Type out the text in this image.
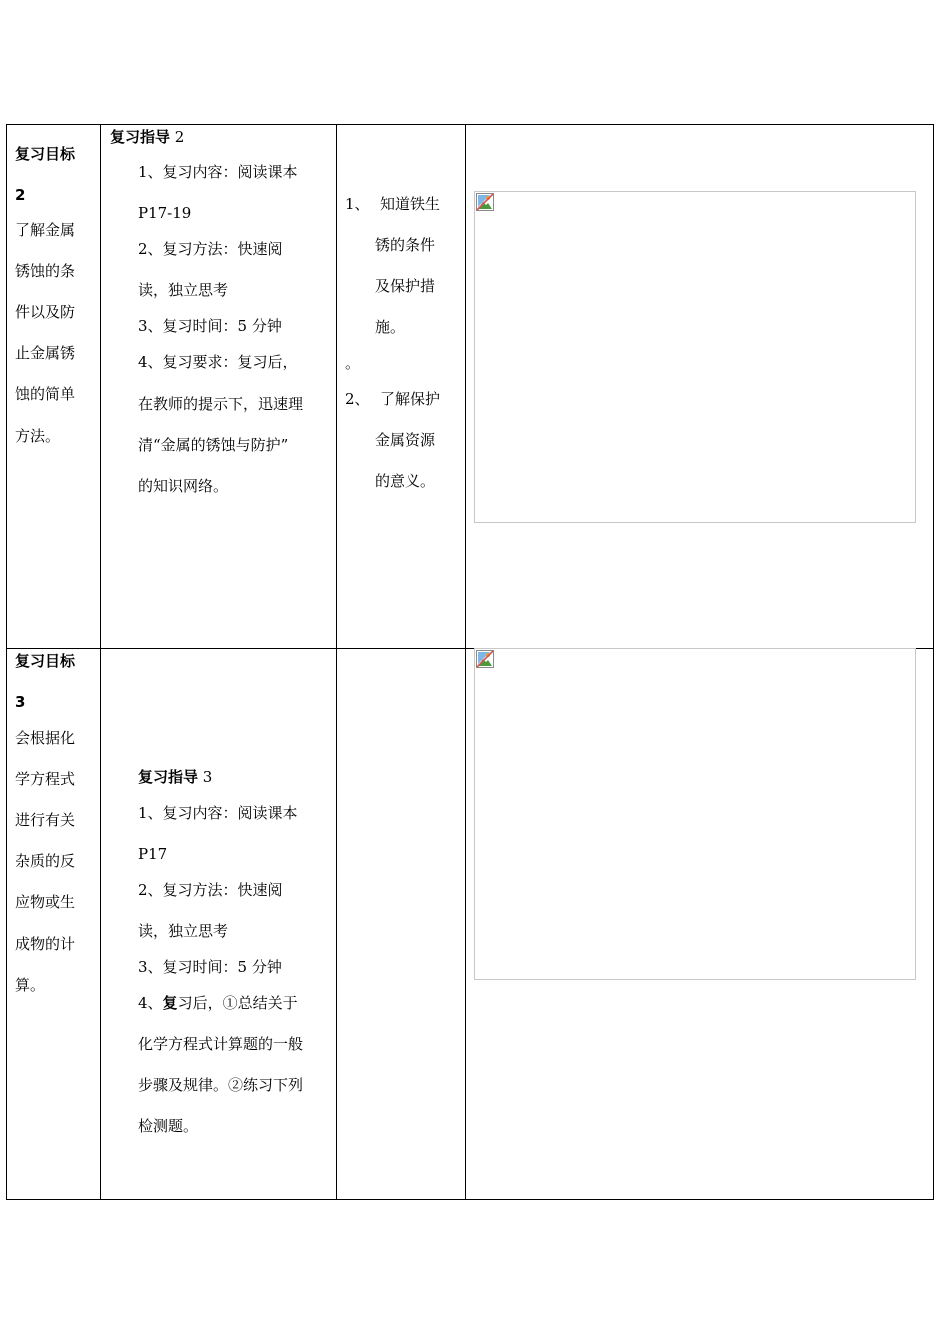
复习目标
2
了解金属
锈蚀的条
件以及防
止金属锈
蚀的简单
方法。
复习指导 2
1、复习内容：阅读课本
P17-19
2、复习方法：快速阅
读，独立思考
3、复习时间：5 分钟
4、复习要求：复习后，
在教师的提示下，迅速理
清“金属的锈蚀与防护”
的知识网络。
1、 知道铁生
锈的条件
及保护措
施。
。
2、 了解保护
金属资源
的意义。
复习目标
3
会根据化
学方程式
进行有关
杂质的反
应物或生
成物的计
算。
复习指导 3
1、复习内容：阅读课本
P17
2、复习方法：快速阅
读，独立思考
3、复习时间：5 分钟
4、复习后，①总结关于
化学方程式计算题的一般
步骤及规律。②练习下列
检测题。
